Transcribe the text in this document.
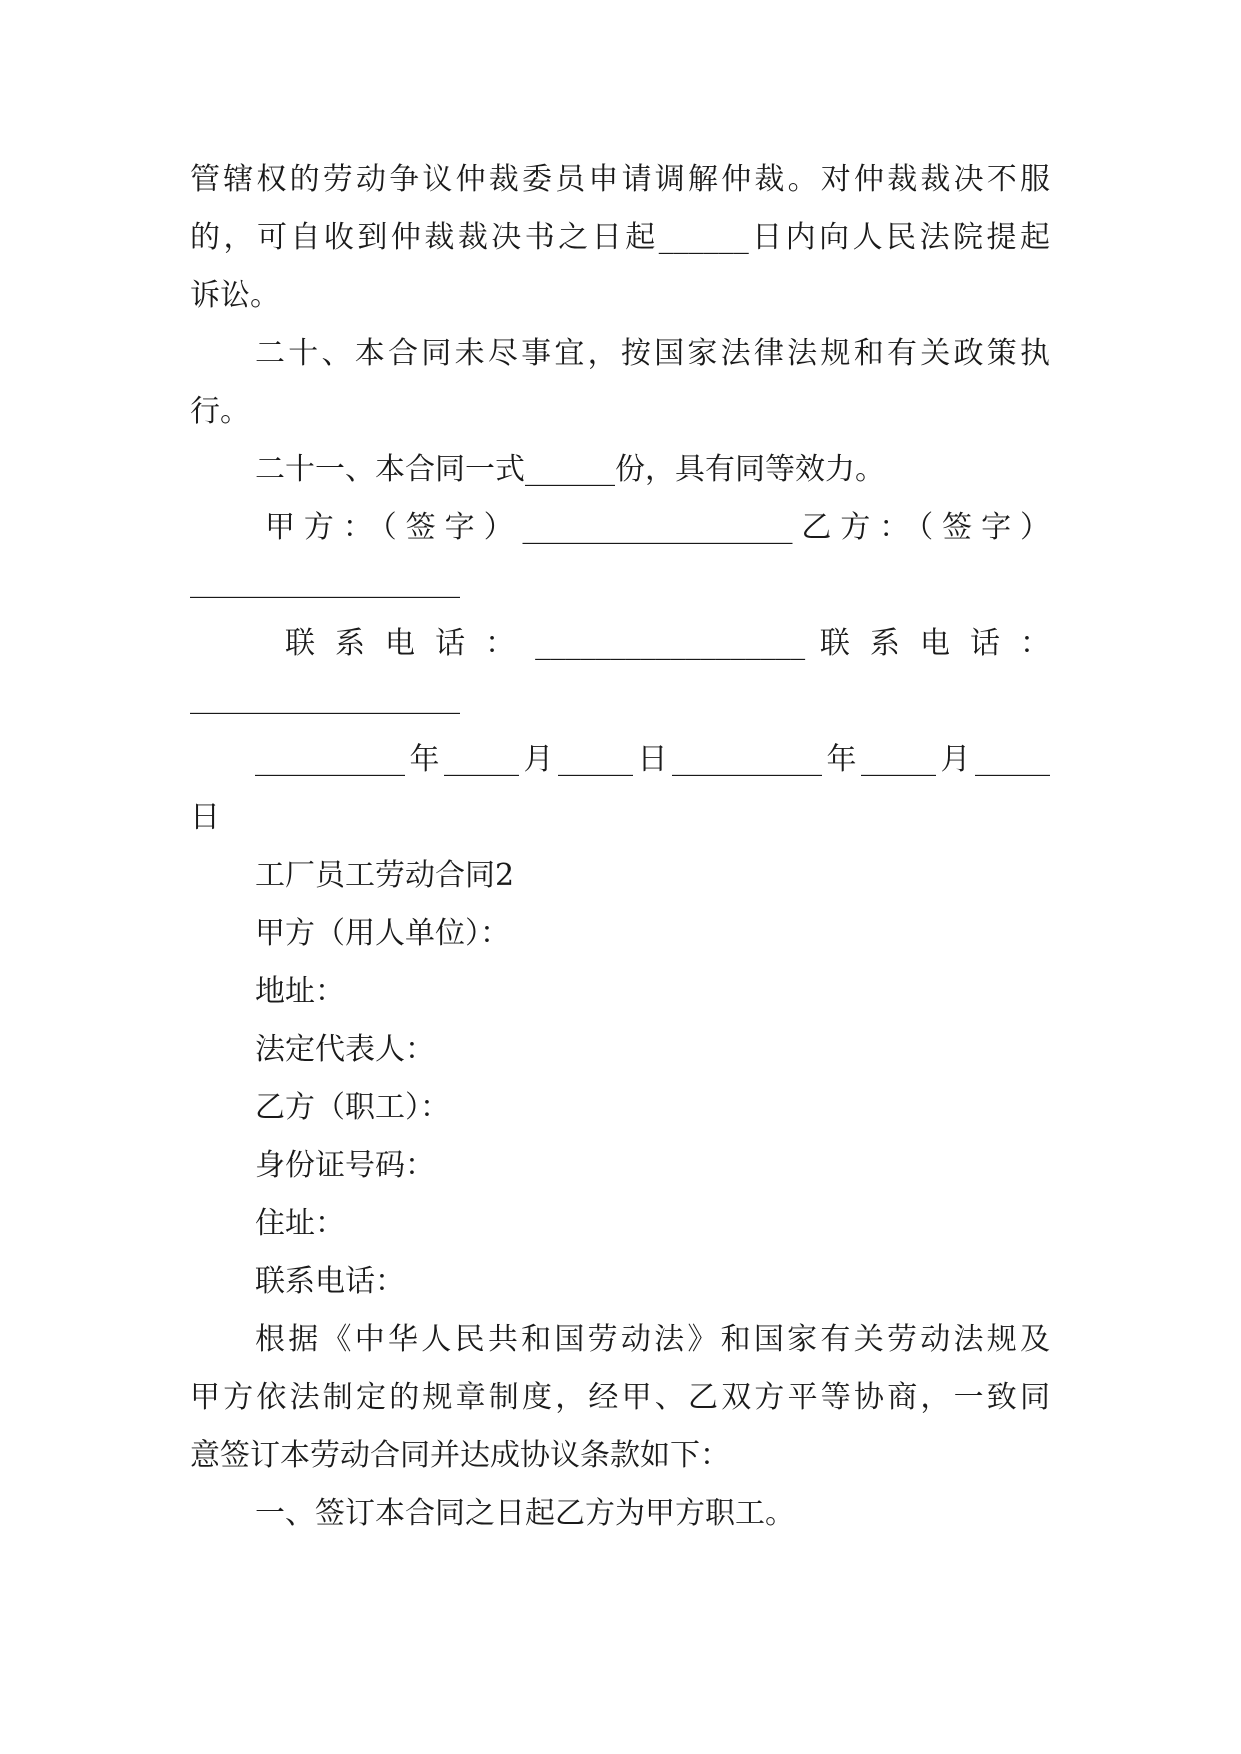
管辖权的劳动争议仲裁委员申请调解仲裁。对仲裁裁决不服
的，可自收到仲裁裁决书之日起______日内向人民法院提起
诉讼。
二十、本合同未尽事宜，按国家法律法规和有关政策执
行。
二十一、本合同一式______份，具有同等效力。
甲方：（签字）__________________乙方：（签字）
__________________
联 系 电 话 ： __________________ 联 系 电 话 ：
__________________
__________年_____月_____日__________年_____月_____
日
工厂员工劳动合同2
甲方（用人单位）：
地址：
法定代表人：
乙方（职工）：
身份证号码：
住址：
联系电话：
根据《中华人民共和国劳动法》和国家有关劳动法规及
甲方依法制定的规章制度，经甲、乙双方平等协商，一致同
意签订本劳动合同并达成协议条款如下：
一、签订本合同之日起乙方为甲方职工。
